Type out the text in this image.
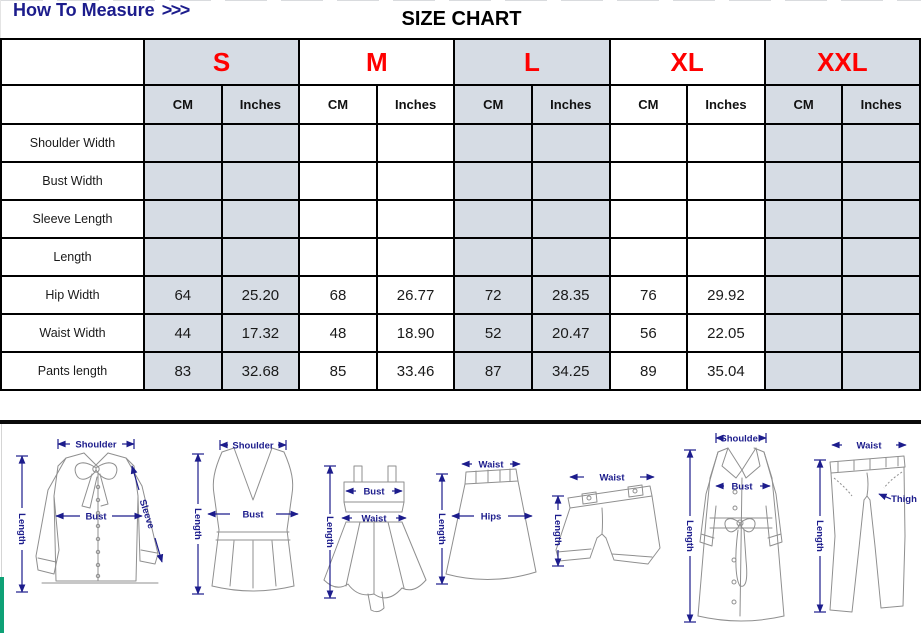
SIZE CHART
	S		M		L		XL		XXL	
	CM	Inches	CM	Inches	CM	Inches	CM	Inches	CM	Inches
Shoulder Width										
Bust Width										
Sleeve Length										
Length										
Hip Width	64	25.20	68	26.77	72	28.35	76	29.92		
Waist Width	44	17.32	48	18.90	52	20.47	56	22.05		
Pants length	83	32.68	85	33.46	87	34.25	89	35.04		
How To Measure >>>
Shoulder
Length	Bust	Sleeve
Shoulder
Length	Bust
Length
Bust
Waist
Waist
Hips
Length
Waist
Length
Shoulder
Bust
Length
Waist
Thigh
Length
